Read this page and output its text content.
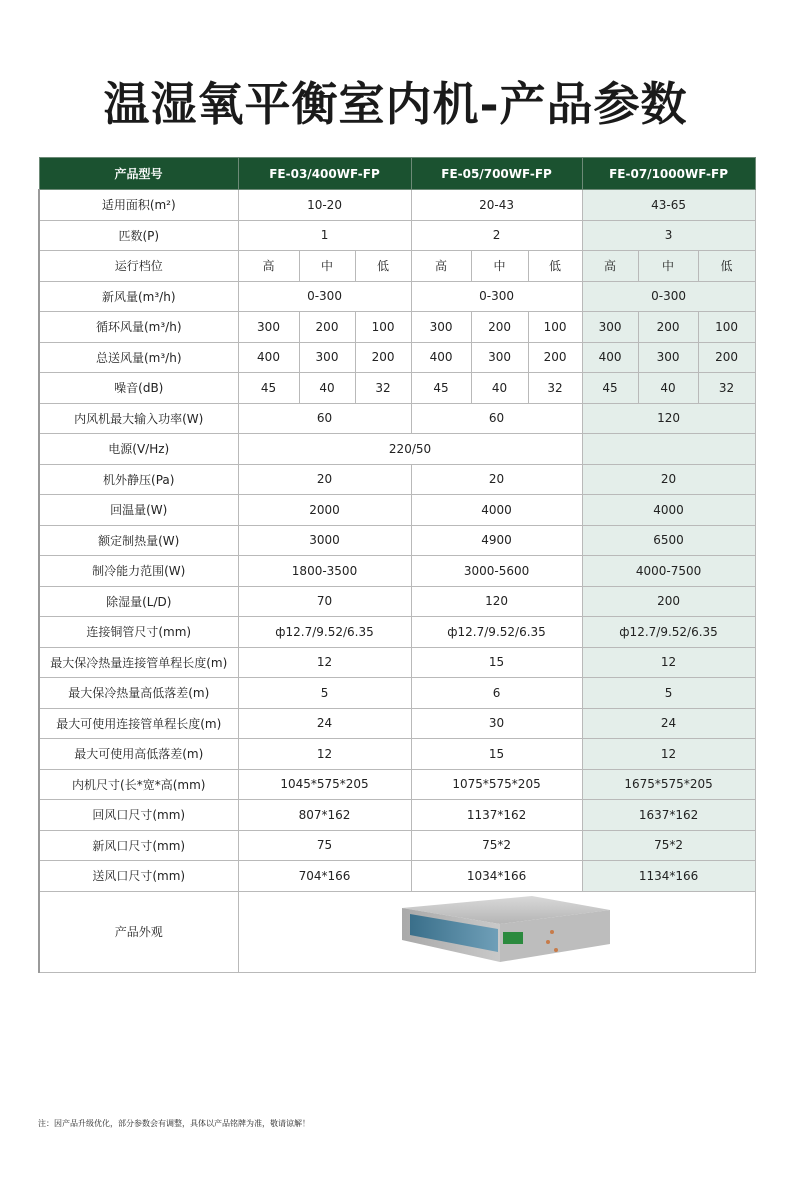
温湿氧平衡室内机-产品参数
产品型号	FE-03/400WF-FP			FE-05/700WF-FP			FE-07/1000WF-FP		
适用面积(m²)	10-20			20-43			43-65		
匹数(P)	1			2			3		
运行档位	高	中	低	高	中	低	高	中	低
新风量(m³/h)	0-300			0-300			0-300		
循环风量(m³/h)	300	200	100	300	200	100	300	200	100
总送风量(m³/h)	400	300	200	400	300	200	400	300	200
噪音(dB)	45	40	32	45	40	32	45	40	32
内风机最大输入功率(W)	60			60			120		
电源(V/Hz)	220/50								
机外静压(Pa)	20			20			20		
回温量(W)	2000			4000			4000		
额定制热量(W)	3000			4900			6500		
制冷能力范围(W)	1800-3500			3000-5600			4000-7500		
除湿量(L/D)	70			120			200		
连接铜管尺寸(mm)	ф12.7/9.52/6.35			ф12.7/9.52/6.35			ф12.7/9.52/6.35		
最大保冷热量连接管单程长度(m)	12			15			12		
最大保冷热量高低落差(m)	5			6			5		
最大可使用连接管单程长度(m)	24			30			24		
最大可使用高低落差(m)	12			15			12		
内机尺寸(长*宽*高(mm)	1045*575*205			1075*575*205			1675*575*205		
回风口尺寸(mm)	807*162			1137*162			1637*162		
新风口尺寸(mm)	75			75*2			75*2		
送风口尺寸(mm)	704*166			1034*166			1134*166		
产品外观	
注：因产品升级优化，部分参数会有调整，具体以产品铭牌为准，敬请谅解！
